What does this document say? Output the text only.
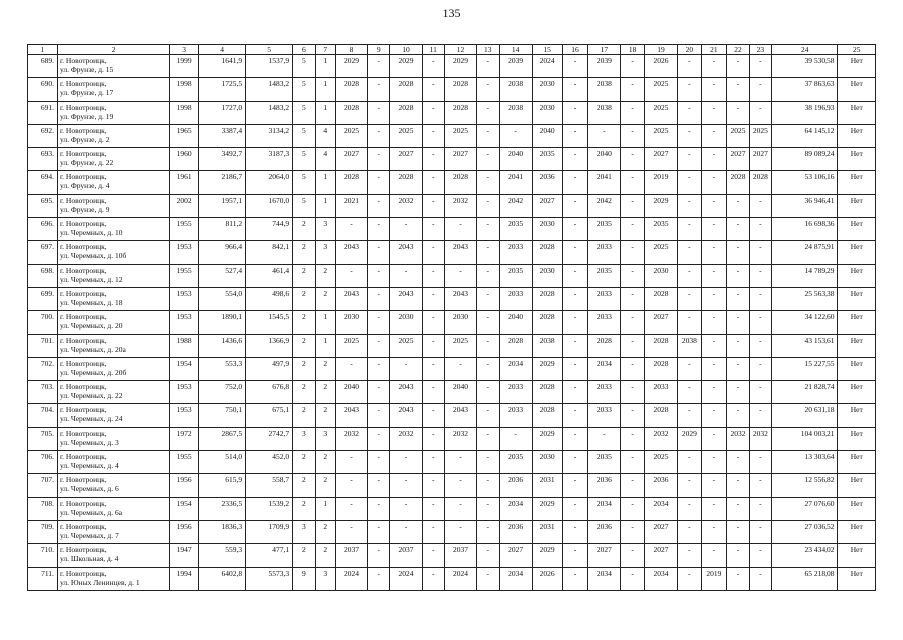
135
1	2	3	4	5	6	7	8	9	10	11	12	13	14	15	16	17	18	19	20	21	22	23	24	25
689.	г. Новотроицк,
ул. Фрунзе, д. 15	1999	1641,9	1537,9	5	1	2029	-	2029	-	2029	-	2039	2024	-	2039	-	2026	-	-	-	-	39 530,58	Нет
690.	г. Новотроицк,
ул. Фрунзе, д. 17	1998	1725,5	1483,2	5	1	2028	-	2028	-	2028	-	2038	2030	-	2038	-	2025	-	-	-	-	37 863,63	Нет
691.	г. Новотроицк,
ул. Фрунзе, д. 19	1998	1727,0	1483,2	5	1	2028	-	2028	-	2028	-	2038	2030	-	2038	-	2025	-	-	-	-	38 196,93	Нет
692.	г. Новотроицк,
ул. Фрунзе, д. 2	1965	3387,4	3134,2	5	4	2025	-	2025	-	2025	-	-	2040	-	-	-	2025	-	-	2025	2025	64 145,12	Нет
693.	г. Новотроицк,
ул. Фрунзе, д. 22	1960	3492,7	3187,3	5	4	2027	-	2027	-	2027	-	2040	2035	-	2040	-	2027	-	-	2027	2027	89 089,24	Нет
694.	г. Новотроицк,
ул. Фрунзе, д. 4	1961	2186,7	2064,0	5	1	2028	-	2028	-	2028	-	2041	2036	-	2041	-	2019	-	-	2028	2028	53 106,16	Нет
695.	г. Новотроицк,
ул. Фрунзе, д. 9	2002	1957,1	1670,0	5	1	2021	-	2032	-	2032	-	2042	2027	-	2042	-	2029	-	-	-	-	36 946,41	Нет
696.	г. Новотроицк,
ул. Черемных, д. 10	1955	811,2	744,9	2	3	-	-	-	-	-	-	2035	2030	-	2035	-	2035	-	-	-	-	16 698,36	Нет
697.	г. Новотроицк,
ул. Черемных, д. 10б	1953	966,4	842,1	2	3	2043	-	2043	-	2043	-	2033	2028	-	2033	-	2025	-	-	-	-	24 875,91	Нет
698.	г. Новотроицк,
ул. Черемных, д. 12	1955	527,4	461,4	2	2	-	-	-	-	-	-	2035	2030	-	2035	-	2030	-	-	-	-	14 789,29	Нет
699.	г. Новотроицк,
ул. Черемных, д. 18	1953	554,0	498,6	2	2	2043	-	2043	-	2043	-	2033	2028	-	2033	-	2028	-	-	-	-	25 563,38	Нет
700.	г. Новотроицк,
ул. Черемных, д. 20	1953	1890,1	1545,5	2	1	2030	-	2030	-	2030	-	2040	2028	-	2033	-	2027	-	-	-	-	34 122,60	Нет
701.	г. Новотроицк,
ул. Черемных, д. 20а	1988	1436,6	1366,9	2	1	2025	-	2025	-	2025	-	2028	2038	-	2028	-	2028	2038	-	-	-	43 153,61	Нет
702.	г. Новотроицк,
ул. Черемных, д. 20б	1954	553,3	497,9	2	2	-	-	-	-	-	-	2034	2029	-	2034	-	2028	-	-	-	-	15 227,55	Нет
703.	г. Новотроицк,
ул. Черемных, д. 22	1953	752,0	676,8	2	2	2040	-	2043	-	2040	-	2033	2028	-	2033	-	2033	-	-	-	-	21 828,74	Нет
704.	г. Новотроицк,
ул. Черемных, д. 24	1953	750,1	675,1	2	2	2043	-	2043	-	2043	-	2033	2028	-	2033	-	2028	-	-	-	-	20 631,18	Нет
705.	г. Новотроицк,
ул. Черемных, д. 3	1972	2867,5	2742,7	3	3	2032	-	2032	-	2032	-	-	2029	-	-	-	2032	2029	-	2032	2032	104 003,21	Нет
706.	г. Новотроицк,
ул. Черемных, д. 4	1955	514,0	452,0	2	2	-	-	-	-	-	-	2035	2030	-	2035	-	2025	-	-	-	-	13 303,64	Нет
707.	г. Новотроицк,
ул. Черемных, д. 6	1956	615,9	558,7	2	2	-	-	-	-	-	-	2036	2031	-	2036	-	2036	-	-	-	-	12 556,82	Нет
708.	г. Новотроицк,
ул. Черемных, д. 6а	1954	2336,5	1539,2	2	1	-	-	-	-	-	-	2034	2029	-	2034	-	2034	-	-	-	-	27 076,60	Нет
709.	г. Новотроицк,
ул. Черемных, д. 7	1956	1836,3	1709,9	3	2	-	-	-	-	-	-	2036	2031	-	2036	-	2027	-	-	-	-	27 036,52	Нет
710.	г. Новотроицк,
ул. Школьная, д. 4	1947	559,3	477,1	2	2	2037	-	2037	-	2037	-	2027	2029	-	2027	-	2027	-	-	-	-	23 434,02	Нет
711.	г. Новотроицк,
ул. Юных Ленинцев, д. 1	1994	6402,8	5573,3	9	3	2024	-	2024	-	2024	-	2034	2026	-	2034	-	2034	-	2019	-	-	65 218,08	Нет
